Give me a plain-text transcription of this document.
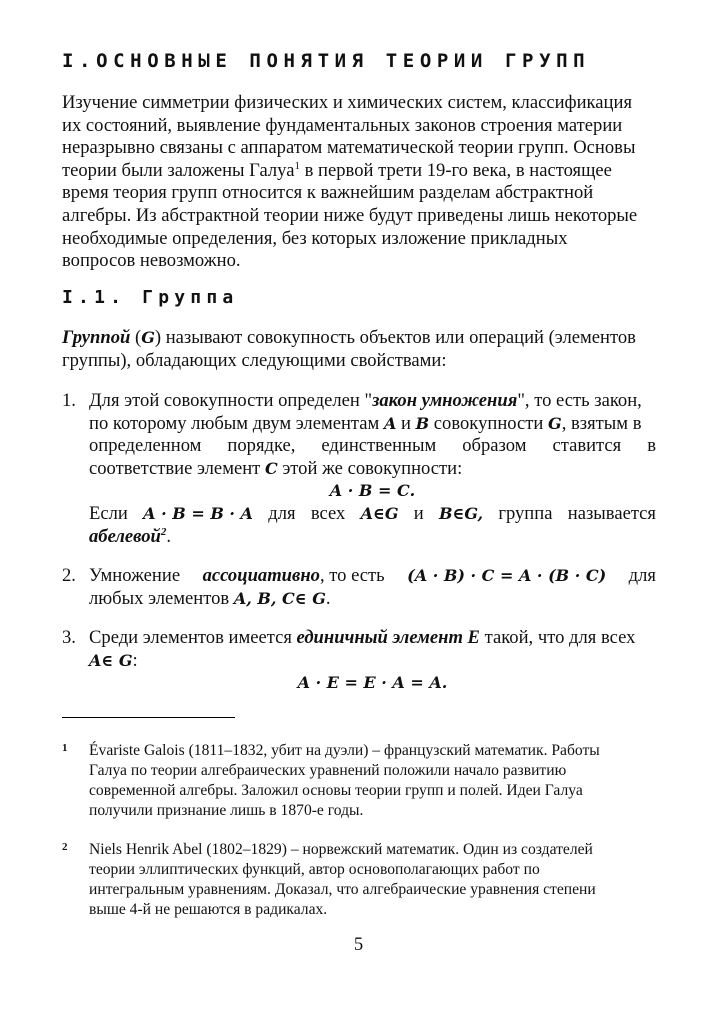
I.ОСНОВНЫЕ ПОНЯТИЯ ТЕОРИИ ГРУПП
Изучение симметрии физических и химических систем, классификация
их состояний, выявление фундаментальных законов строения материи
неразрывно связаны с аппаратом математической теории групп. Основы
теории были заложены Галуа$^1$ в первой трети 19-го века, в настоящее
время теория групп относится к важнейшим разделам абстрактной
алгебры. Из абстрактной теории ниже будут приведены лишь некоторые
необходимые определения, без которых изложение прикладных
вопросов невозможно.
I.1. Группа
Группой (G) называют совокупность объектов или операций (элементов
группы), обладающих следующими свойствами:
1. Для этой совокупности определен "закон умножения", то есть закон,
по которому любым двум элементам A и B совокупности G, взятым в
определенном порядке, единственным образом ставится в
соответствие элемент C этой же совокупности:
𝑨 · 𝑩 = 𝑪.
Если 𝑨 · 𝑩 = 𝑩 · 𝑨 для всех A∈G и B∈G, группа называется
абелевой$^2$.
2. Умножение ассоциативно, то есть (𝑨 · 𝑩) · 𝑪 = 𝑨 · (𝑩 · 𝑪) для
любых элементов A, B, C∈ G.
3. Среди элементов имеется единичный элемент E такой, что для всех
A∈ G:
𝑨 · 𝑬 = 𝑬 · 𝑨 = 𝑨.
1 Évariste Galois (1811–1832, убит на дуэли) – французский математик. Работы
Галуа по теории алгебраических уравнений положили начало развитию
современной алгебры. Заложил основы теории групп и полей. Идеи Галуа
получили признание лишь в 1870-е годы.
2 Niels Henrik Abel (1802–1829) – норвежский математик. Один из создателей
теории эллиптических функций, автор основополагающих работ по
интегральным уравнениям. Доказал, что алгебраические уравнения степени
выше 4-й не решаются в радикалах.
5
